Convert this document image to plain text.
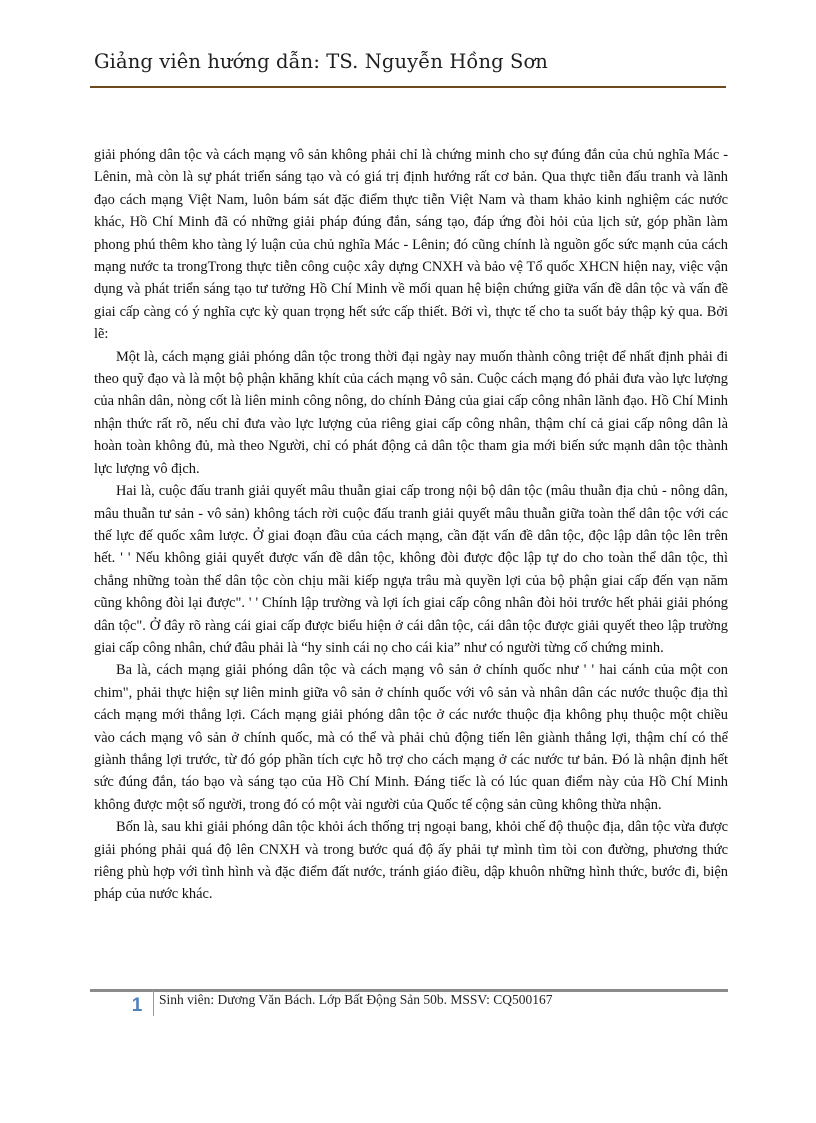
Giảng viên hướng dẫn: TS. Nguyễn Hồng Sơn

giải phóng dân tộc và cách mạng vô sản không phải chỉ là chứng minh cho sự đúng đắn của chủ nghĩa Mác - Lênin, mà còn là sự phát triển sáng tạo và có giá trị định hướng rất cơ bản. Qua thực tiễn đấu tranh và lãnh đạo cách mạng Việt Nam, luôn bám sát đặc điểm thực tiễn Việt Nam và tham khảo kinh nghiệm các nước khác, Hồ Chí Minh đã có những giải pháp đúng đắn, sáng tạo, đáp ứng đòi hỏi của lịch sử, góp phần làm phong phú thêm kho tàng lý luận của chủ nghĩa Mác - Lênin; đó cũng chính là nguồn gốc sức mạnh của cách mạng nước ta trongTrong thực tiễn công cuộc xây dựng CNXH và bảo vệ Tổ quốc XHCN hiện nay, việc vận dụng và phát triển sáng tạo tư tưởng Hồ Chí Minh về mối quan hệ biện chứng giữa vấn đề dân tộc và vấn đề giai cấp càng có ý nghĩa cực kỳ quan trọng hết sức cấp thiết. Bởi vì, thực tế cho ta suốt bảy thập kỷ qua. Bởi lẽ:

Một là, cách mạng giải phóng dân tộc trong thời đại ngày nay muốn thành công triệt để nhất định phải đi theo quỹ đạo và là một bộ phận khăng khít của cách mạng vô sản. Cuộc cách mạng đó phải đưa vào lực lượng của nhân dân, nòng cốt là liên minh công nông, do chính Đảng của giai cấp công nhân lãnh đạo. Hồ Chí Minh nhận thức rất rõ, nếu chỉ đưa vào lực lượng của riêng giai cấp công nhân, thậm chí cả giai cấp nông dân là hoàn toàn không đủ, mà theo Người, chỉ có phát động cả dân tộc tham gia mới biến sức mạnh dân tộc thành lực lượng vô địch.

Hai là, cuộc đấu tranh giải quyết mâu thuẫn giai cấp trong nội bộ dân tộc (mâu thuẫn địa chủ - nông dân, mâu thuẫn tư sản - vô sản) không tách rời cuộc đấu tranh giải quyết mâu thuẫn giữa toàn thể dân tộc với các thế lực đế quốc xâm lược. Ở giai đoạn đầu của cách mạng, cần đặt vấn đề dân tộc, độc lập dân tộc lên trên hết. ' ' Nếu không giải quyết được vấn đề dân tộc, không đòi được độc lập tự do cho toàn thể dân tộc, thì chẳng những toàn thể dân tộc còn chịu mãi kiếp ngựa trâu mà quyền lợi của bộ phận giai cấp đến vạn năm cũng không đòi lại được". ' ' Chính lập trường và lợi ích giai cấp công nhân đòi hỏi trước hết phải giải phóng dân tộc". Ở đây rõ ràng cái giai cấp được biểu hiện ở cái dân tộc, cái dân tộc được giải quyết theo lập trường giai cấp công nhân, chứ đâu phải là “hy sinh cái nọ cho cái kia” như có người từng cố chứng minh.

Ba là, cách mạng giải phóng dân tộc và cách mạng vô sản ở chính quốc như ' ' hai cánh của một con chim", phải thực hiện sự liên minh giữa vô sản ở chính quốc với vô sản và nhân dân các nước thuộc địa thì cách mạng mới thắng lợi. Cách mạng giải phóng dân tộc ở các nước thuộc địa không phụ thuộc một chiều vào cách mạng vô sản ở chính quốc, mà có thể và phải chủ động tiến lên giành thắng lợi, thậm chí có thể giành thắng lợi trước, từ đó góp phần tích cực hỗ trợ cho cách mạng ở các nước tư bản. Đó là nhận định hết sức đúng đắn, táo bạo và sáng tạo của Hồ Chí Minh. Đáng tiếc là có lúc quan điểm này của Hồ Chí Minh không được một số người, trong đó có một vài người của Quốc tế cộng sản cũng không thừa nhận.

Bốn là, sau khi giải phóng dân tộc khỏi ách thống trị ngoại bang, khỏi chế độ thuộc địa, dân tộc vừa được giải phóng phải quá độ lên CNXH và trong bước quá độ ấy phải tự mình tìm tòi con đường, phương thức riêng phù hợp với tình hình và đặc điểm đất nước, tránh giáo điều, dập khuôn những hình thức, bước đi, biện pháp của nước khác.

1 Sinh viên: Dương Văn Bách. Lớp Bất Động Sản 50b. MSSV: CQ500167
